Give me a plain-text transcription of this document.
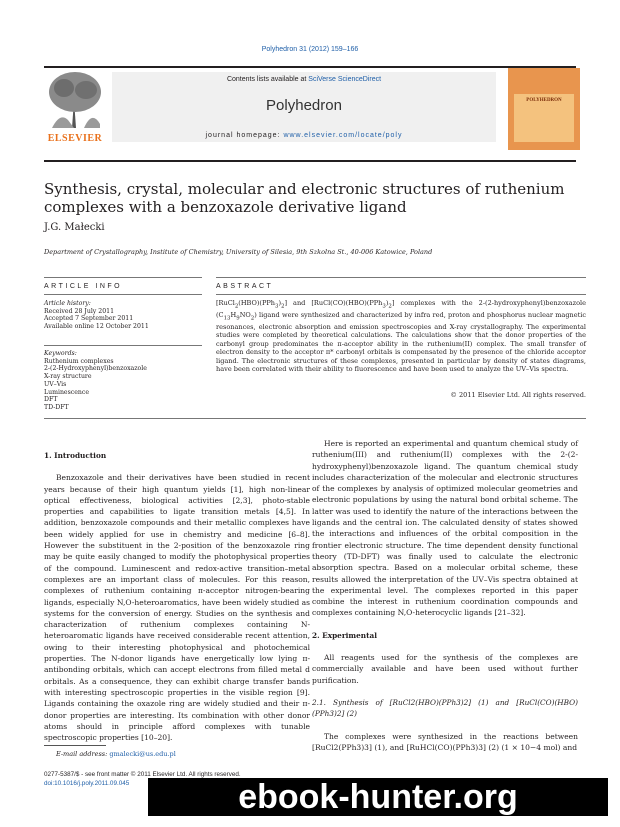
Polyhedron 31 (2012) 159–166
ELSEVIER
Contents lists available at SciVerse ScienceDirect
Polyhedron
journal homepage: www.elsevier.com/locate/poly
POLYHEDRON
Synthesis, crystal, molecular and electronic structures of ruthenium complexes with a benzoxazole derivative ligand
J.G. Małecki
Department of Crystallography, Institute of Chemistry, University of Silesia, 9th Szkolna St., 40-006 Katowice, Poland
ARTICLE INFO	ABSTRACT
Article history:
Received 28 July 2011
Accepted 7 September 2011
Available online 12 October 2011
Keywords:
Ruthenium complexes
2-(2-Hydroxyphenyl)benzoxazole
X-ray structure
UV–Vis
Luminescence
DFT
TD-DFT
$[RuCl_2(HBO)(PPh_3)_2]$ and $[RuCl(CO)(HBO)(PPh_3)_2]$ complexes with the 2-(2-hydroxyphenyl)benzoxazole $(C_{13}H_9NO_2)$ ligand were synthesized and characterized by infra red, proton and phosphorus nuclear magnetic resonances, electronic absorption and emission spectroscopies and X-ray crystallography. The experimental studies were completed by theoretical calculations. The calculations show that the donor properties of the carbonyl group predominates the π-acceptor ability in the ruthenium(II) complex. The small transfer of electron density to the acceptor π* carbonyl orbitals is compensated by the presence of the chloride acceptor ligand. The electronic structures of these complexes, presented in particular by density of states diagrams, have been correlated with their ability to fluorescence and have been used to analyze the UV–Vis spectra.
© 2011 Elsevier Ltd. All rights reserved.
1. Introduction

Benzoxazole and their derivatives have been studied in recent years because of their high quantum yields [1], high non-linear optical effectiveness, biological activities [2,3], photo-stable properties and capabilities to ligate transition metals [4,5]. In addition, benzoxazole compounds and their metallic complexes have been widely applied for use in chemistry and medicine [6–8]. However the substituent in the 2-position of the benzoxazole ring may be quite easily changed to modify the photophysical properties of the compound. Luminescent and redox-active transition–metal complexes are an important class of molecules. For this reason, complexes of ruthenium containing π-acceptor nitrogen-bearing ligands, especially N,O-heteroaromatics, have been widely studied as systems for the conversion of energy. Studies on the synthesis and characterization of ruthenium complexes containing N-heteroaromatic ligands have received considerable recent attention, owing to their interesting photophysical and photochemical properties. The N-donor ligands have energetically low lying π-antibonding orbitals, which can accept electrons from filled metal d orbitals. As a consequence, they can exhibit charge transfer bands with interesting spectroscopic properties in the visible region [9]. Ligands containing the oxazole ring are widely studied and their π-donor properties are interesting. Its combination with other donor atoms should in principle afford complexes with tunable spectroscopic properties [10–20].

Here is reported an experimental and quantum chemical study of ruthenium(III) and ruthenium(II) complexes with the 2-(2-hydroxyphenyl)benzoxazole ligand. The quantum chemical study includes characterization of the molecular and electronic structures of the complexes by analysis of optimized molecular geometries and electronic populations by using the natural bond orbital scheme. The latter was used to identify the nature of the interactions between the ligands and the central ion. The calculated density of states showed the interactions and influences of the orbital composition in the frontier electronic structure. The time dependent density functional theory (TD-DFT) was finally used to calculate the electronic absorption spectra. Based on a molecular orbital scheme, these results allowed the interpretation of the UV–Vis spectra obtained at the experimental level. The complexes reported in this paper combine the interest in ruthenium coordination compounds and complexes containing N,O-heterocyclic ligands [21–32].

2. Experimental

All reagents used for the synthesis of the complexes are commercially available and have been used without further purification.

2.1. Synthesis of [RuCl2(HBO)(PPh3)2] (1) and [RuCl(CO)(HBO)(PPh3)2] (2)

The complexes were synthesized in the reactions between [RuCl2(PPh3)3] (1), and [RuHCl(CO)(PPh3)3] (2) (1 × 10−4 mol) and

E-mail address: gmalecki@us.edu.pl
0277-5387/$ - see front matter © 2011 Elsevier Ltd. All rights reserved.
doi:10.1016/j.poly.2011.09.045	ebook-hunter.org
